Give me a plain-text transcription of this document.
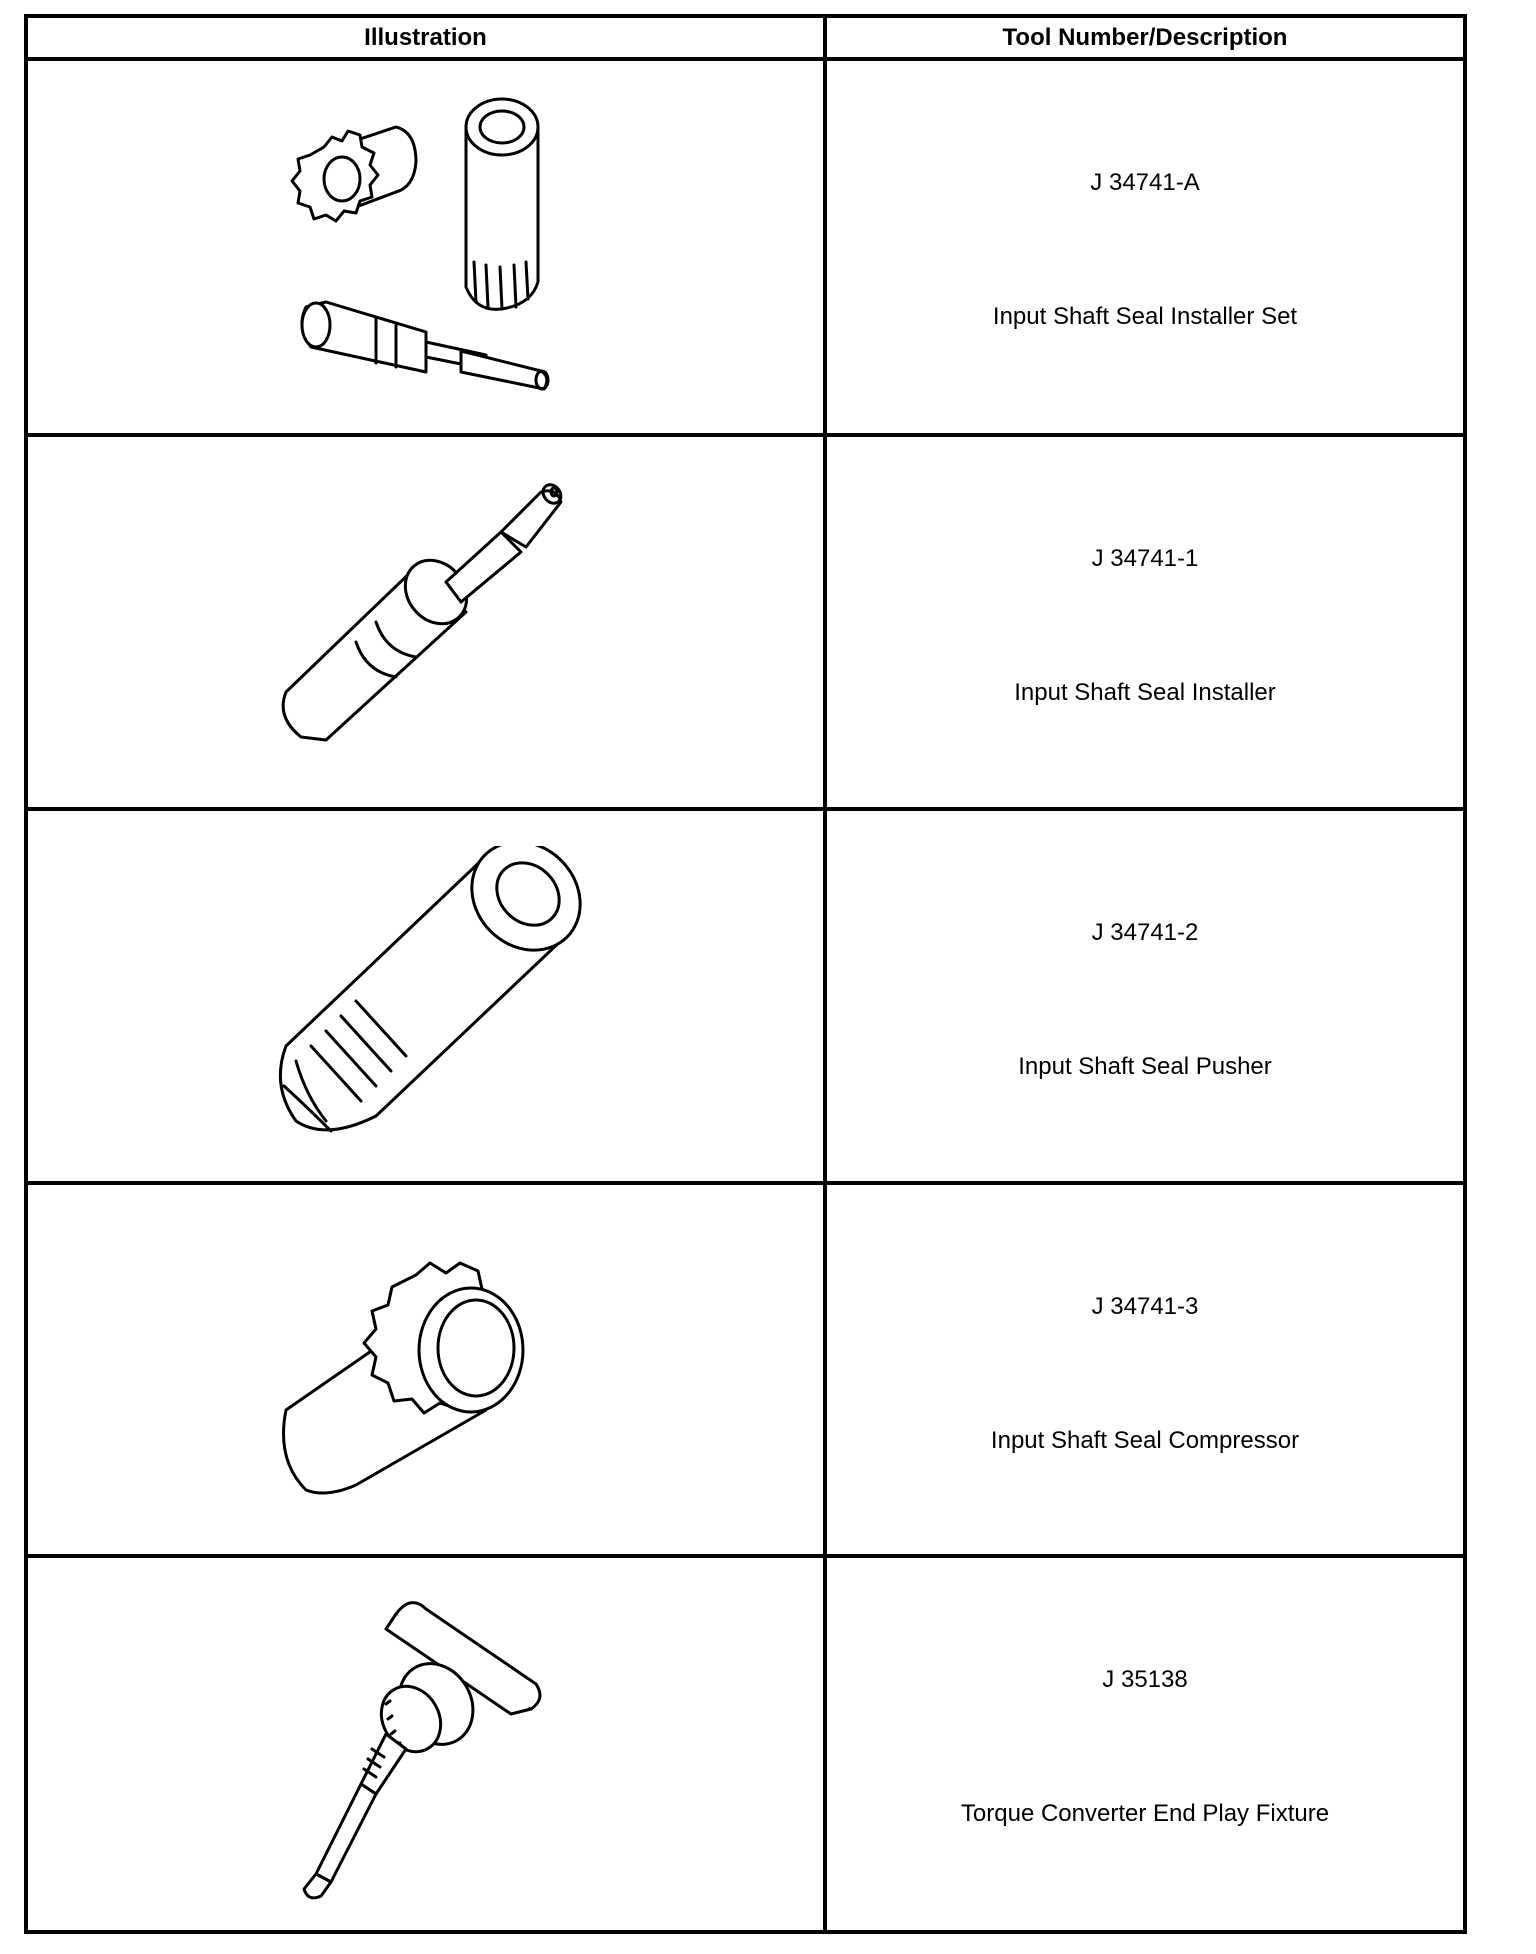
Illustration	Tool Number/Description
J 34741-A
Input Shaft Seal Installer Set
J 34741-1
Input Shaft Seal Installer
J 34741-2
Input Shaft Seal Pusher
J 34741-3
Input Shaft Seal Compressor
J 35138
Torque Converter End Play Fixture
